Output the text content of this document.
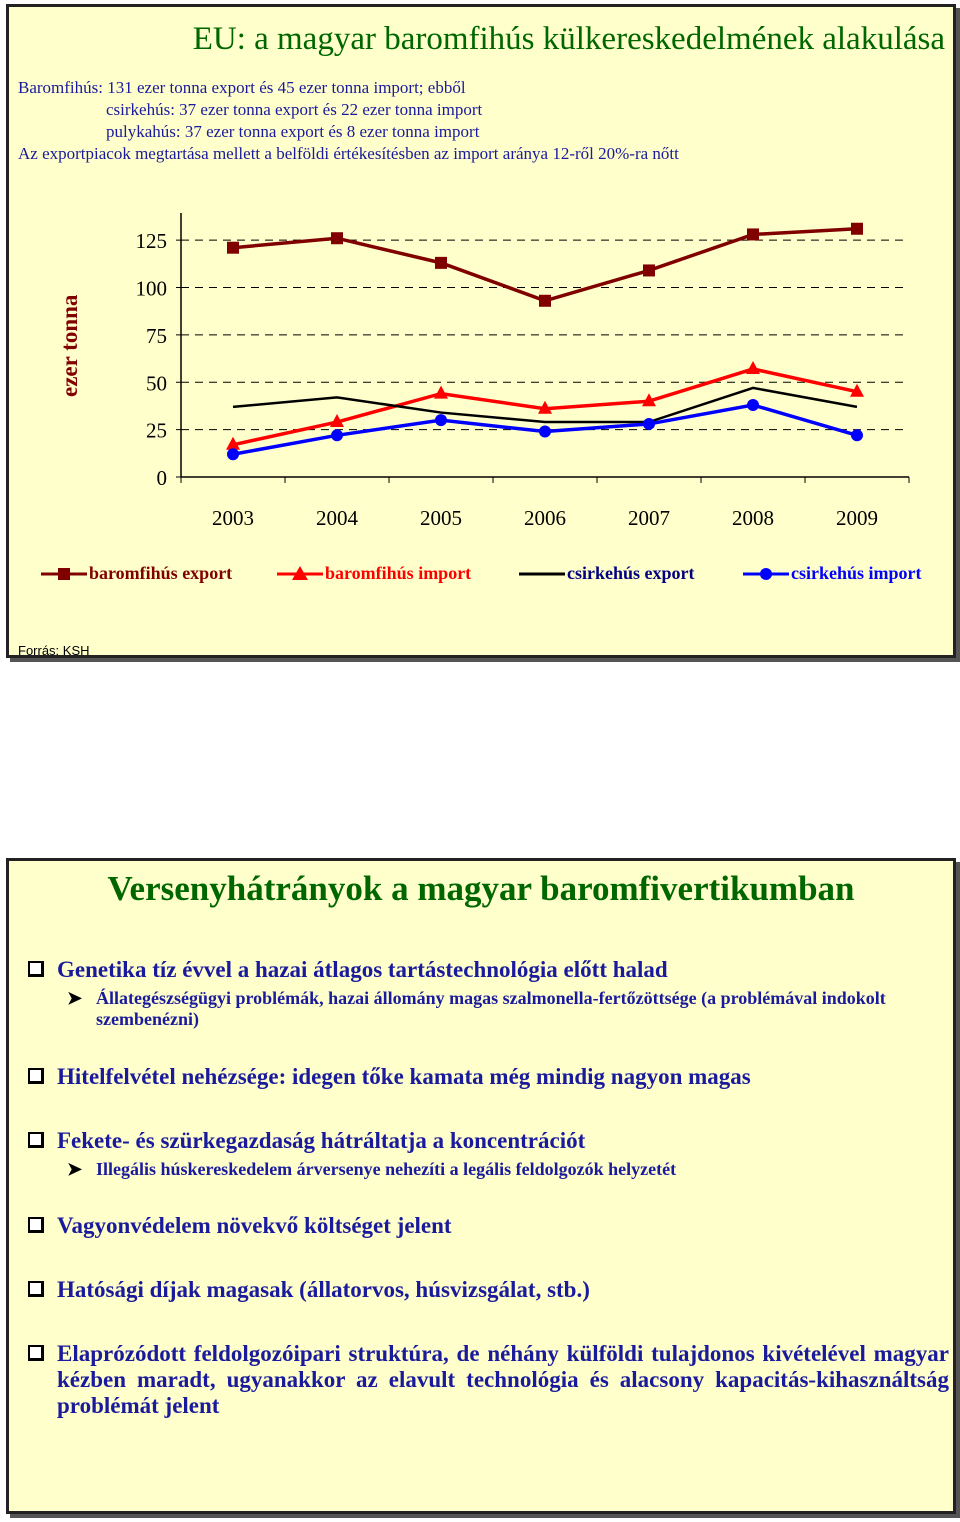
EU: a magyar baromfihús külkereskedelmének alakulása
Baromfihús: 131 ezer tonna export és 45 ezer tonna import; ebből
csirkehús: 37 ezer tonna export és 22 ezer tonna import
pulykahús: 37 ezer tonna export és 8 ezer tonna import
Az exportpiacok megtartása mellett a belföldi értékesítésben az import aránya 12-ről 20%-ra nőtt
0
25
50
75
100
125
2003	2004	2005	2006	2007	2008	2009
ezer tonna
baromfihús export	baromfihús import	csirkehús export	csirkehús import
Forrás: KSH
Versenyhátrányok a magyar baromfivertikumban
Genetika tíz évvel a hazai átlagos tartástechnológia előtt halad
➤ Állategészségügyi problémák, hazai állomány magas szalmonella-fertőzöttsége (a problémával indokolt szembenézni)
Hitelfelvétel nehézsége: idegen tőke kamata még mindig nagyon magas
Fekete- és szürkegazdaság hátráltatja a koncentrációt
➤ Illegális húskereskedelem árversenye nehezíti a legális feldolgozók helyzetét
Vagyonvédelem növekvő költséget jelent
Hatósági díjak magasak (állatorvos, húsvizsgálat, stb.)
Elaprózódott feldolgozóipari struktúra, de néhány külföldi tulajdonos kivételével magyar kézben maradt, ugyanakkor az elavult technológia és alacsony kapacitás-kihasználtság problémát jelent
